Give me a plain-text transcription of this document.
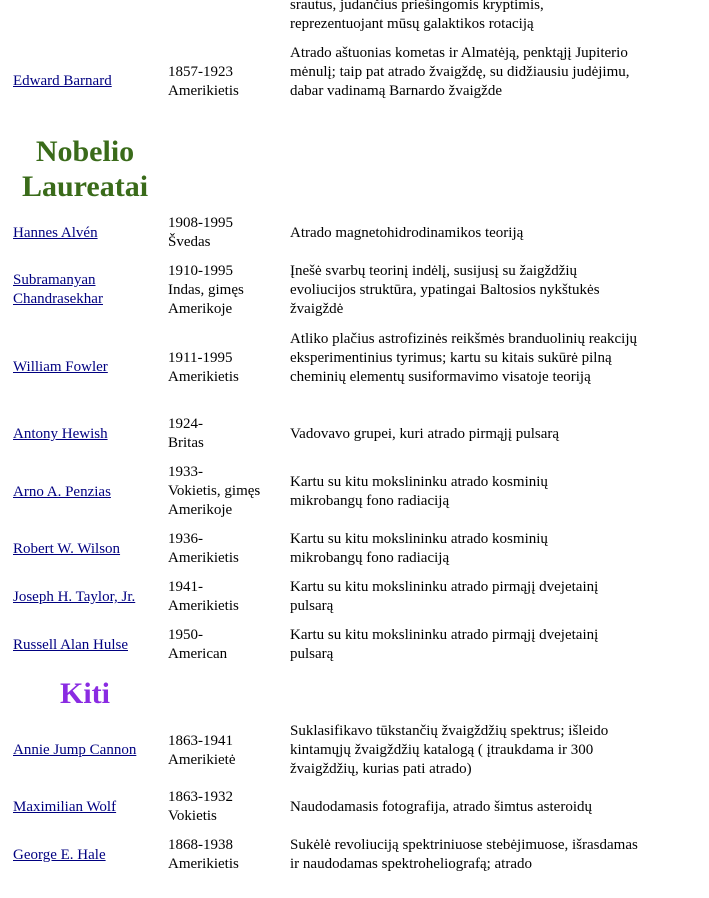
srautus, judančius priešingomis kryptimis, reprezentuojant mūsų galaktikos rotaciją
Edward Barnard
1857-1923
Amerikietis
Atrado aštuonias kometas ir Almatėją, penktąjį Jupiterio mėnulį; taip pat atrado žvaigždę, su didžiausiu judėjimu, dabar vadinamą Barnardo žvaigžde
Nobelio Laureatai
Hannes Alvén
1908-1995
Švedas
Atrado magnetohidrodinamikos teoriją
Subramanyan Chandrasekhar
1910-1995
Indas, gimęs Amerikoje
Įnešė svarbų teorinį indėlį, susijusį su žaigždžių evoliucijos struktūra, ypatingai Baltosios nykštukės žvaigždė
William Fowler
1911-1995
Amerikietis
Atliko plačius astrofizinės reikšmės branduolinių reakcijų eksperimentinius tyrimus; kartu su kitais sukūrė pilną cheminių elementų susiformavimo visatoje teoriją
Antony Hewish
1924-
Britas
Vadovavo grupei, kuri atrado pirmąjį pulsarą
Arno A. Penzias
1933-
Vokietis, gimęs Amerikoje
Kartu su kitu mokslininku atrado kosminių mikrobangų fono radiaciją
Robert W. Wilson
1936-
Amerikietis
Kartu su kitu mokslininku atrado kosminių mikrobangų fono radiaciją
Joseph H. Taylor, Jr.
1941-
Amerikietis
Kartu su kitu mokslininku atrado pirmąjį dvejetainį pulsarą
Russell Alan Hulse
1950-
American
Kartu su kitu mokslininku atrado pirmąjį dvejetainį pulsarą
Kiti
Annie Jump Cannon
1863-1941
Amerikietė
Suklasifikavo tūkstančių žvaigždžių spektrus; išleido kintamųjų žvaigždžių katalogą ( įtraukdama ir 300 žvaigždžių, kurias pati atrado)
Maximilian Wolf
1863-1932
Vokietis
Naudodamasis fotografija, atrado šimtus asteroidų
George E. Hale
1868-1938
Amerikietis
Sukėlė revoliuciją spektriniuose stebėjimuose, išrasdamas ir naudodamas spektroheliografą; atrado
